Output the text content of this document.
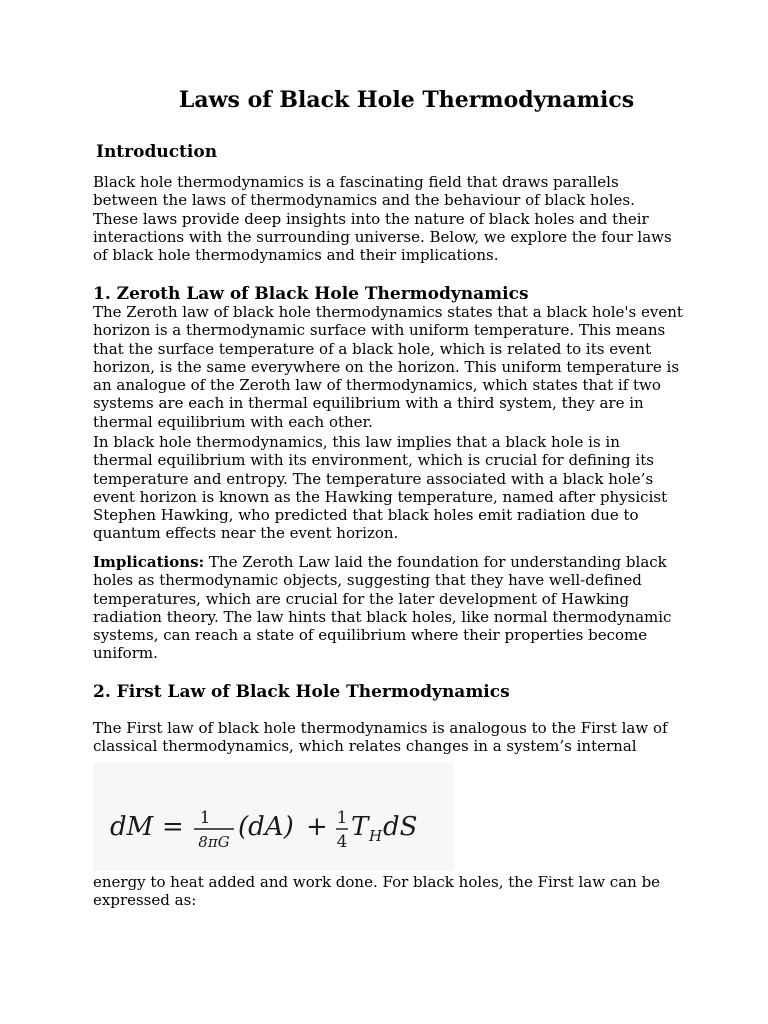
Laws of Black Hole Thermodynamics
Introduction

Black hole thermodynamics is a fascinating field that draws parallels between the laws of thermodynamics and the behaviour of black holes. These laws provide deep insights into the nature of black holes and their interactions with the surrounding universe. Below, we explore the four laws of black hole thermodynamics and their implications.

1. Zeroth Law of Black Hole Thermodynamics

The Zeroth law of black hole thermodynamics states that a black hole's event horizon is a thermodynamic surface with uniform temperature. This means that the surface temperature of a black hole, which is related to its event horizon, is the same everywhere on the horizon. This uniform temperature is an analogue of the Zeroth law of thermodynamics, which states that if two systems are each in thermal equilibrium with a third system, they are in thermal equilibrium with each other.

In black hole thermodynamics, this law implies that a black hole is in thermal equilibrium with its environment, which is crucial for defining its temperature and entropy. The temperature associated with a black hole’s event horizon is known as the Hawking temperature, named after physicist Stephen Hawking, who predicted that black holes emit radiation due to quantum effects near the event horizon.

Implications: The Zeroth Law laid the foundation for understanding black holes as thermodynamic objects, suggesting that they have well-defined temperatures, which are crucial for the later development of Hawking radiation theory. The law hints that black holes, like normal thermodynamic systems, can reach a state of equilibrium where their properties become uniform.

2. First Law of Black Hole Thermodynamics

The First law of black hole thermodynamics is analogous to the First law of classical thermodynamics, which relates changes in a system’s internal

dM = 1
8πG (dA) + 1
4 T H dS

energy to heat added and work done. For black holes, the First law can be expressed as:
